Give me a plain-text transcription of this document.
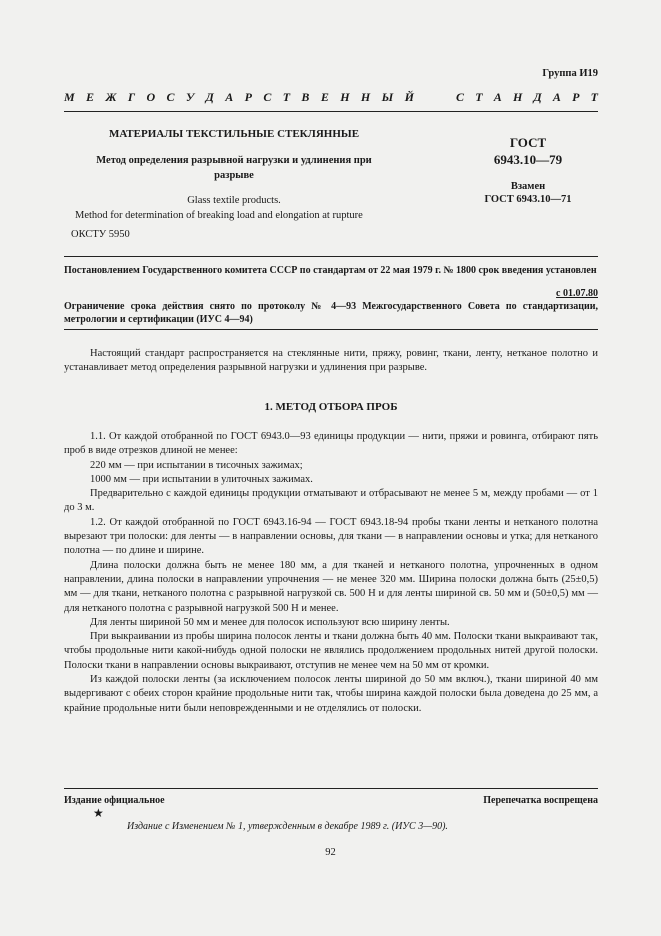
Группа И19
М Е Ж Г О С У Д А Р С Т В Е Н Н Ы Й	С Т А Н Д А Р Т
МАТЕРИАЛЫ ТЕКСТИЛЬНЫЕ СТЕКЛЯННЫЕ
Метод определения разрывной нагрузки и удлинения при
разрыве
Glass textile products.
Method for determination of breaking load and elongation at rupture
ОКСТУ 5950
ГОСТ
6943.10—79
Взамен
ГОСТ 6943.10—71
Постановлением Государственного комитета СССР по стандартам от 22 мая 1979 г. № 1800 срок введения установлен
с 01.07.80
Ограничение срока действия снято по протоколу № 4—93 Межгосударственного Совета по стандартизации, метрологии и сертификации (ИУС 4—94)

Настоящий стандарт распространяется на стеклянные нити, пряжу, ровинг, ткани, ленту, нетканое полотно и устанавливает метод определения разрывной нагрузки и удлинения при разрыве.

1. МЕТОД ОТБОРА ПРОБ

1.1. От каждой отобранной по ГОСТ 6943.0—93 единицы продукции — нити, пряжи и ровинга, отбирают пять проб в виде отрезков длиной не менее:

220 мм — при испытании в тисочных зажимах;

1000 мм — при испытании в улиточных зажимах.

Предварительно с каждой единицы продукции отматывают и отбрасывают не менее 5 м, между пробами — от 1 до 3 м.

1.2. От каждой отобранной по ГОСТ 6943.16-94 — ГОСТ 6943.18-94 пробы ткани ленты и нетканого полотна вырезают три полоски: для ленты — в направлении основы, для ткани — в направлении основы и утка; для нетканого полотна — по длине и ширине.

Длина полоски должна быть не менее 180 мм, а для тканей и нетканого полотна, упрочненных в одном направлении, длина полоски в направлении упрочнения — не менее 320 мм. Ширина полоски должна быть (25±0,5) мм — для ткани, нетканого полотна с разрывной нагрузкой св. 500 Н и для ленты шириной св. 50 мм и (50±0,5) мм — для нетканого полотна с разрывной нагрузкой 500 Н и менее.

Для ленты шириной 50 мм и менее для полосок используют всю ширину ленты.

При выкраивании из пробы ширина полосок ленты и ткани должна быть 40 мм. Полоски ткани выкраивают так, чтобы продольные нити какой-нибудь одной полоски не являлись продолжением продольных нитей другой полоски. Полоски ткани в направлении основы выкраивают, отступив не менее чем на 50 мм от кромки.

Из каждой полоски ленты (за исключением полосок ленты шириной до 50 мм включ.), ткани шириной 40 мм выдергивают с обеих сторон крайние продольные нити так, чтобы ширина каждой полоски была доведена до 25 мм, а крайние продольные нити были неповрежденными и не отделялись от полоски.

Издание официальное	Перепечатка воспрещена
★
Издание с Изменением № 1, утвержденным в декабре 1989 г. (ИУС 3—90).
92
